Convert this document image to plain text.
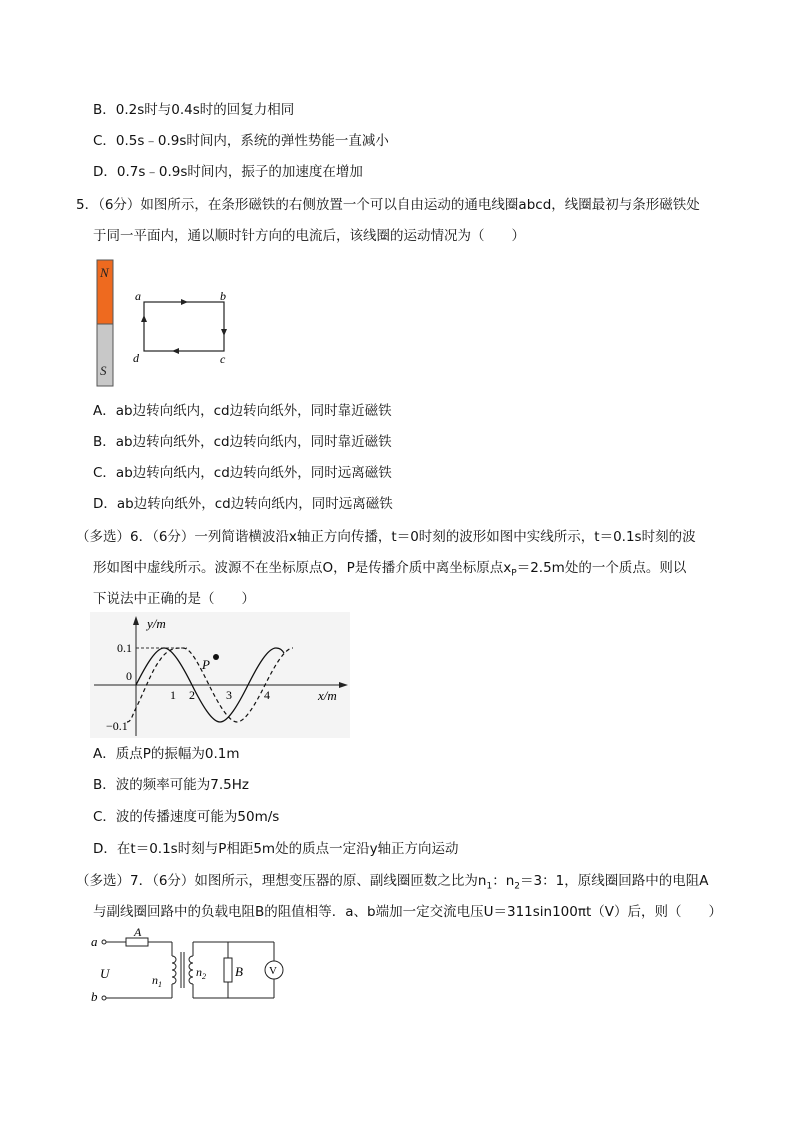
B．0.2s时与0.4s时的回复力相同
C．0.5s﹣0.9s时间内，系统的弹性势能一直减小
D．0.7s﹣0.9s时间内，振子的加速度在增加
5．（6分）如图所示，在条形磁铁的右侧放置一个可以自由运动的通电线圈abcd，线圈最初与条形磁铁处
于同一平面内，通以顺时针方向的电流后，该线圈的运动情况为（　　）
N
S
a	b
c
d
A．ab边转向纸内，cd边转向纸外，同时靠近磁铁
B．ab边转向纸外，cd边转向纸内，同时靠近磁铁
C．ab边转向纸内，cd边转向纸外，同时远离磁铁
D．ab边转向纸外，cd边转向纸内，同时远离磁铁
（多选）6．（6分）一列简谐横波沿x轴正方向传播，t＝0时刻的波形如图中实线所示，t＝0.1s时刻的波
形如图中虚线所示。波源不在坐标原点O，P是传播介质中离坐标原点$x_P=2.5m$处的一个质点。则以
下说法中正确的是（　　）
y/m
x/m
0.1
0
−0.1
1 2	3	4
P
A．质点P的振幅为0.1m
B．波的频率可能为7.5Hz
C．波的传播速度可能为50m/s
D．在t＝0.1s时刻与P相距5m处的质点一定沿y轴正方向运动
（多选）7．（6分）如图所示，理想变压器的原、副线圈匝数之比为$n_1$：$n_2=3$：1，原线圈回路中的电阻A
与副线圈回路中的负载电阻B的阻值相等．a、b端加一定交流电压U＝311sin100πt（V）后，则（　　）
a
b
U
A
$n_1$
$n_2$ B V
